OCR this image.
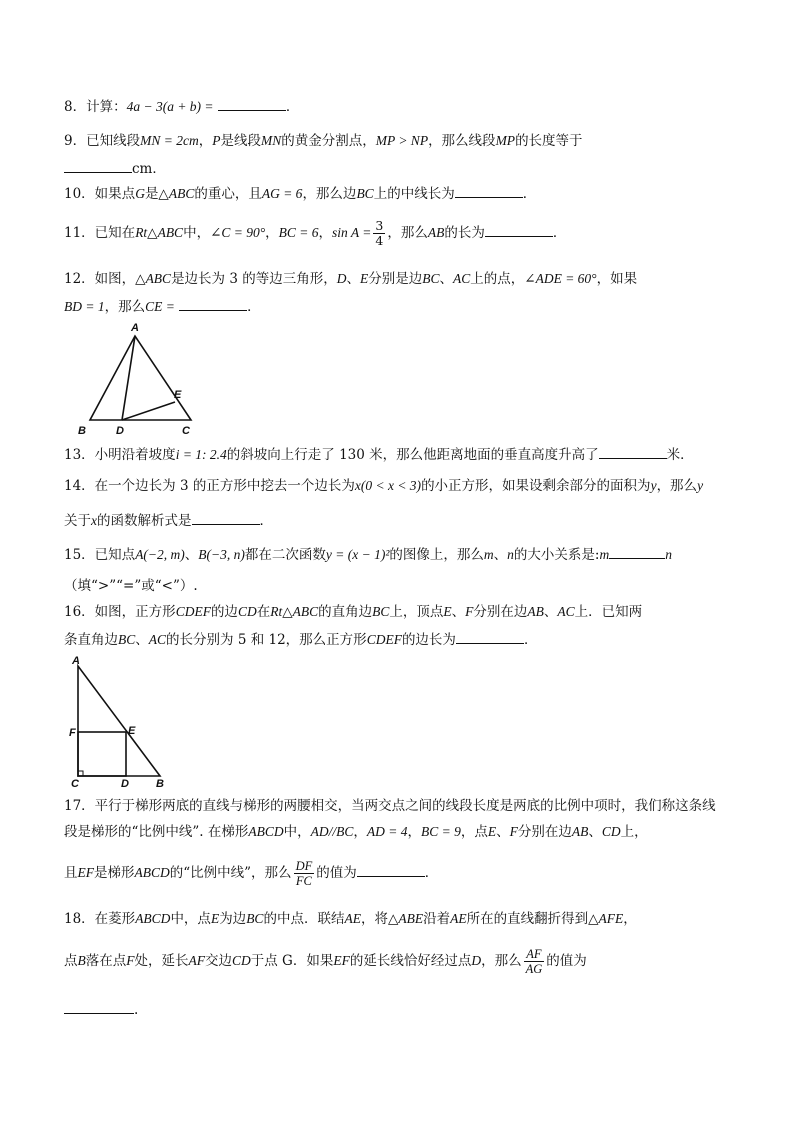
8．计算：4a − 3(a + b) =	．
9．已知线段MN = 2cm，P是线段MN的黄金分割点，MP > NP，那么线段MP的长度等于
cm．
10．如果点G是△ABC的重心，且AG = 6，那么边BC上的中线长为	．
11．已知在Rt△ABC中，∠C = 90°，BC = 6，$\sin A = \frac{3}{4}$ ，那么AB的长为	．
12．如图，△ABC是边长为 3 的等边三角形，D、E分别是边BC、AC上的点，∠ADE = 60°，如果
BD = 1，那么CE =	．
A
B	C
D
E
13．小明沿着坡度i = 1: 2.4的斜坡向上行走了 130 米，那么他距离地面的垂直高度升高了	米．
14．在一个边长为 3 的正方形中挖去一个边长为x(0 < x < 3)的小正方形，如果设剩余部分的面积为y，那么y
关于x的函数解析式是	．
15．已知点A(−2, m)、B(−3, n)都在二次函数y = (x − 1)²的图像上，那么m、n的大小关系是:m	n
（填“>”“=”或“<”）.
16．如图，正方形CDEF的边CD在Rt△ABC的直角边BC上，顶点E、F分别在边AB、AC上．已知两
条直角边BC、AC的长分别为 5 和 12，那么正方形CDEF的边长为	．
A
B
C	D
E
F
17．平行于梯形两底的直线与梯形的两腰相交，当两交点之间的线段长度是两底的比例中项时，我们称这条线
段是梯形的“比例中线”. 在梯形ABCD中，AD//BC，AD = 4，BC = 9，点E、F分别在边AB、CD上，
且EF是梯形ABCD的“比例中线”，那么 $\frac{DF}{FC}$ 的值为	．
18．在菱形ABCD中，点E为边BC的中点．联结AE，将△ABE沿着AE所在的直线翻折得到△AFE，
点B落在点F处，延长AF交边CD于点 G．如果EF的延长线恰好经过点D，那么 $\frac{AF}{AG}$ 的值为
.
